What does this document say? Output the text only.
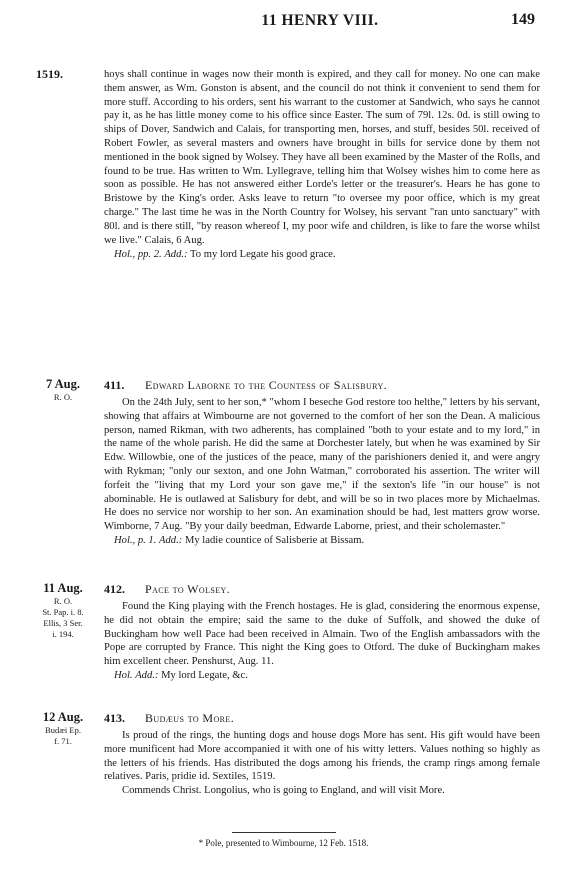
11 HENRY VIII.	149
1519.	hoys shall continue in wages now their month is expired, and they call for money. No one can make them answer, as Wm. Gonston is absent, and the council do not think it convenient to send them for more stuff. According to his orders, sent his warrant to the customer at Sandwich, who says he cannot pay it, as he has little money come to his office since Easter. The sum of 79l. 12s. 0d. is still owing to ships of Dover, Sandwich and Calais, for transporting men, horses, and stuff, besides 50l. received of Robert Fowler, as several masters and owners have brought in bills for service done by them not mentioned in the book signed by Wolsey. They have all been examined by the Master of the Rolls, and found to be true. Has written to Wm. Lyllegrave, telling him that Wolsey wishes him to come here as soon as possible. He has not answered either Lorde's letter or the treasurer's. Hears he has gone to Bristowe by the King's order. Asks leave to return "to oversee my poor office, which is my great charge." The last time he was in the North Country for Wolsey, his servant "ran unto sanctuary" with 80l. and is there still, "by reason whereof I, my poor wife and children, is like to fare the worse whilst we live." Calais, 6 Aug.

Hol., pp. 2. Add.: To my lord Legate his good grace.

7 Aug.
R. O.
411. Edward Laborne to the Countess of Salisbury.

On the 24th July, sent to her son,* "whom I beseche God restore too helthe," letters by his servant, showing that affairs at Wimbourne are not governed to the comfort of her son the Dean. A malicious person, named Rikman, with two adherents, has complained "both to your estate and to my lord," in the name of the whole parish. He did the same at Dorchester lately, but when he was examined by Sir Edw. Willowbie, one of the justices of the peace, many of the parishioners denied it, and were angry with Rykman; "only our sexton, and one John Watman," corroborated his assertion. The writer will forfeit the "living that my Lord your son gave me," if the sexton's life "in our house" is not abominable. He is outlawed at Salisbury for debt, and will be so in two places more by Michaelmas. He does no service nor worship to her son. An examination should be had, lest matters grow worse. Wimborne, 7 Aug. "By your daily beedman, Edwarde Laborne, priest, and their scholemaster."

Hol., p. 1. Add.: My ladie countice of Salisberie at Bissam.

11 Aug.
R. O.
St. Pap. i. 8.
Ellis, 3 Ser.
i. 194.
412. Pace to Wolsey.

Found the King playing with the French hostages. He is glad, considering the enormous expense, he did not obtain the empire; said the same to the duke of Suffolk, and showed the duke of Buckingham how well Pace had been received in Almain. Two of the English ambassadors with the Pope are corrupted by France. This night the King goes to Otford. The duke of Buckingham makes him excellent cheer. Penshurst, Aug. 11.

Hol. Add.: My lord Legate, &c.

12 Aug.
Budæi Ep.
f. 71.
413. Budæus to More.

Is proud of the rings, the hunting dogs and house dogs More has sent. His gift would have been more munificent had More accompanied it with one of his witty letters. Values nothing so highly as the letters of his friends. Has distributed the dogs among his friends, the cramp rings among female relatives. Paris, pridie id. Sextiles, 1519.

Commends Christ. Longolius, who is going to England, and will visit More.

* Pole, presented to Wimbourne, 12 Feb. 1518.
